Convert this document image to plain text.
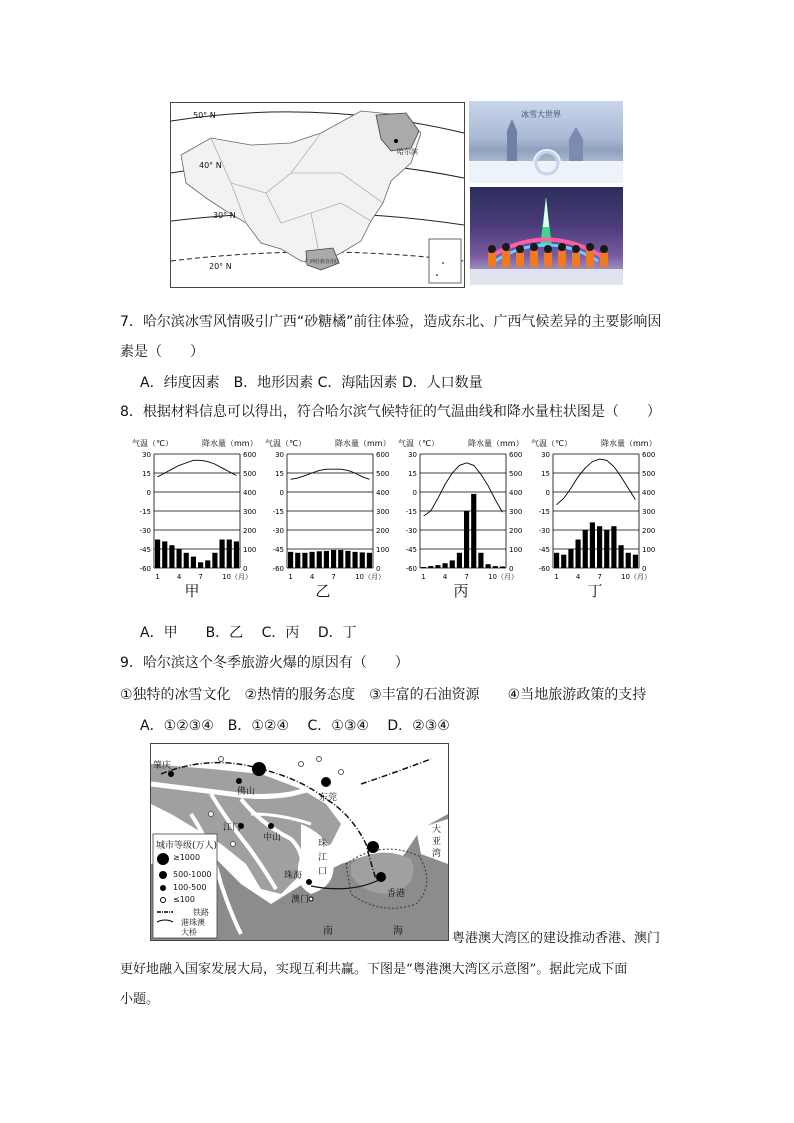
50° N
40° N
30° N
20° N
哈尔滨
广西壮族自治区
冰雪大世界
7．哈尔滨冰雪风情吸引广西“砂糖橘”前往体验，造成东北、广西气候差异的主要影响因
素是（　　）
A．纬度因素　B．地形因素 C．海陆因素 D．人口数量
8．根据材料信息可以得出，符合哈尔滨气候特征的气温曲线和降水量柱状图是（　　）
气温（℃）	降水量（mm）
30	600
15	500
0	400
-15	300
-30	200
-45	100
-60	0
1 4 7	10（月）
气温（℃）	降水量（mm）
30	600
15	500
0	400
-15	300
-30	200
-45	100
-60	0
1 4 7	10（月）
气温（℃）	降水量（mm）
30	600
15	500
0	400
-15	300
-30	200
-45	100
-60	0
1 4 7	10（月）
气温（℃）	降水量（mm）
30	600
15	500
0	400
-15	300
-30	200
-45	100
-60	0
1 4 7	10（月）
甲	乙	丙	丁
A．甲　　B．乙　 C．丙　 D．丁
9．哈尔滨这个冬季旅游火爆的原因有（　　）
①独特的冰雪文化　②热情的服务态度　③丰富的石油资源　　④当地旅游政策的支持
A．①②③④　B．①②④　 C．①③④　 D．②③④
城市等级(万人)
≥1000
500-1000
100-500
≤100
铁路
港珠澳
大桥
肇庆
佛山
东莞
江门
中山
珠海
澳门
香港
珠
江
口
大
亚
湾
南	海	粤港澳大湾区的建设推动香港、澳门
更好地融入国家发展大局，实现互利共赢。下图是“粤港澳大湾区示意图”。据此完成下面
小题。
